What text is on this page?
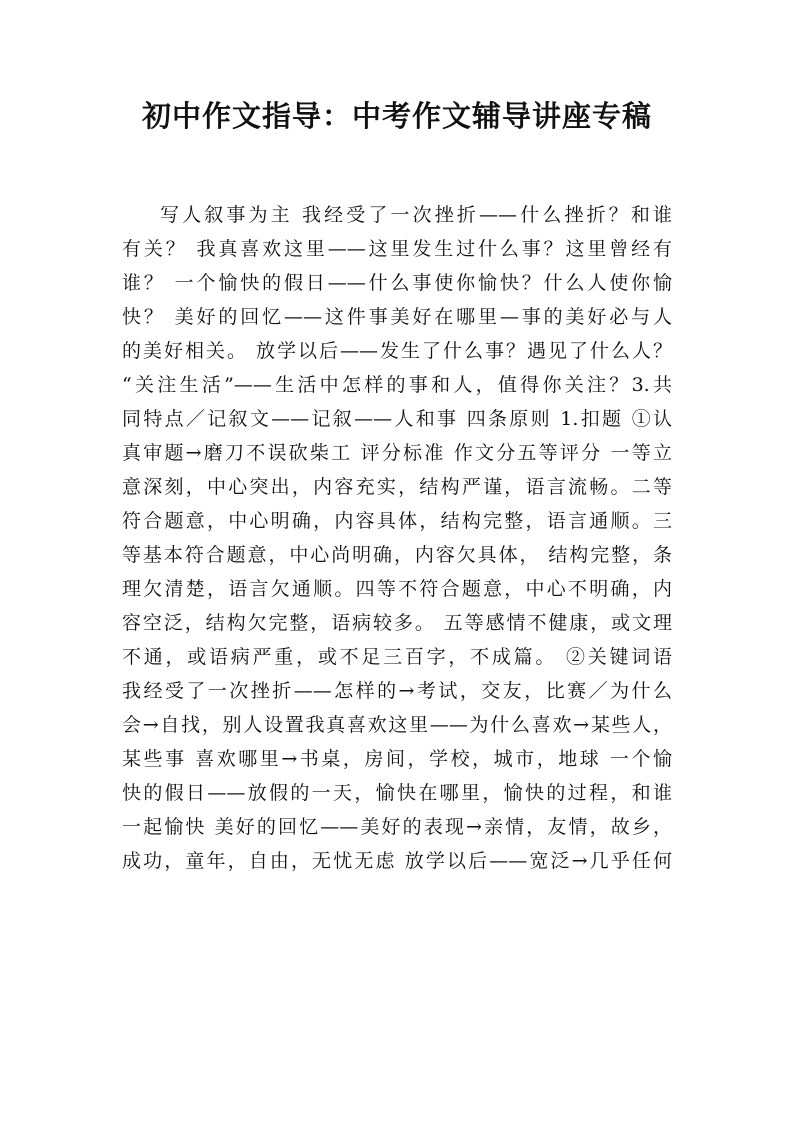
初中作文指导：中考作文辅导讲座专稿
写人叙事为主 我经受了一次挫折——什么挫折？和谁
有关？ 我真喜欢这里——这里发生过什么事？这里曾经有
谁？ 一个愉快的假日——什么事使你愉快？什么人使你愉
快？ 美好的回忆——这件事美好在哪里—事的美好必与人
的美好相关。 放学以后——发生了什么事？遇见了什么人？
“关注生活”——生活中怎样的事和人，值得你关注？3.共
同特点／记叙文——记叙——人和事 四条原则 1.扣题 ①认
真审题→磨刀不误砍柴工 评分标准 作文分五等评分 一等立
意深刻，中心突出，内容充实，结构严谨，语言流畅。二等
符合题意，中心明确，内容具体，结构完整，语言通顺。三
等基本符合题意，中心尚明确，内容欠具体， 结构完整，条
理欠清楚，语言欠通顺。四等不符合题意，中心不明确，内
容空泛，结构欠完整，语病较多。 五等感情不健康，或文理
不通，或语病严重，或不足三百字，不成篇。 ②关键词语
我经受了一次挫折——怎样的→考试，交友，比赛／为什么
会→自找，别人设置我真喜欢这里——为什么喜欢→某些人，
某些事 喜欢哪里→书桌，房间，学校，城市，地球 一个愉
快的假日——放假的一天，愉快在哪里，愉快的过程，和谁
一起愉快 美好的回忆——美好的表现→亲情，友情，故乡，
成功，童年，自由，无忧无虑 放学以后——宽泛→几乎任何
